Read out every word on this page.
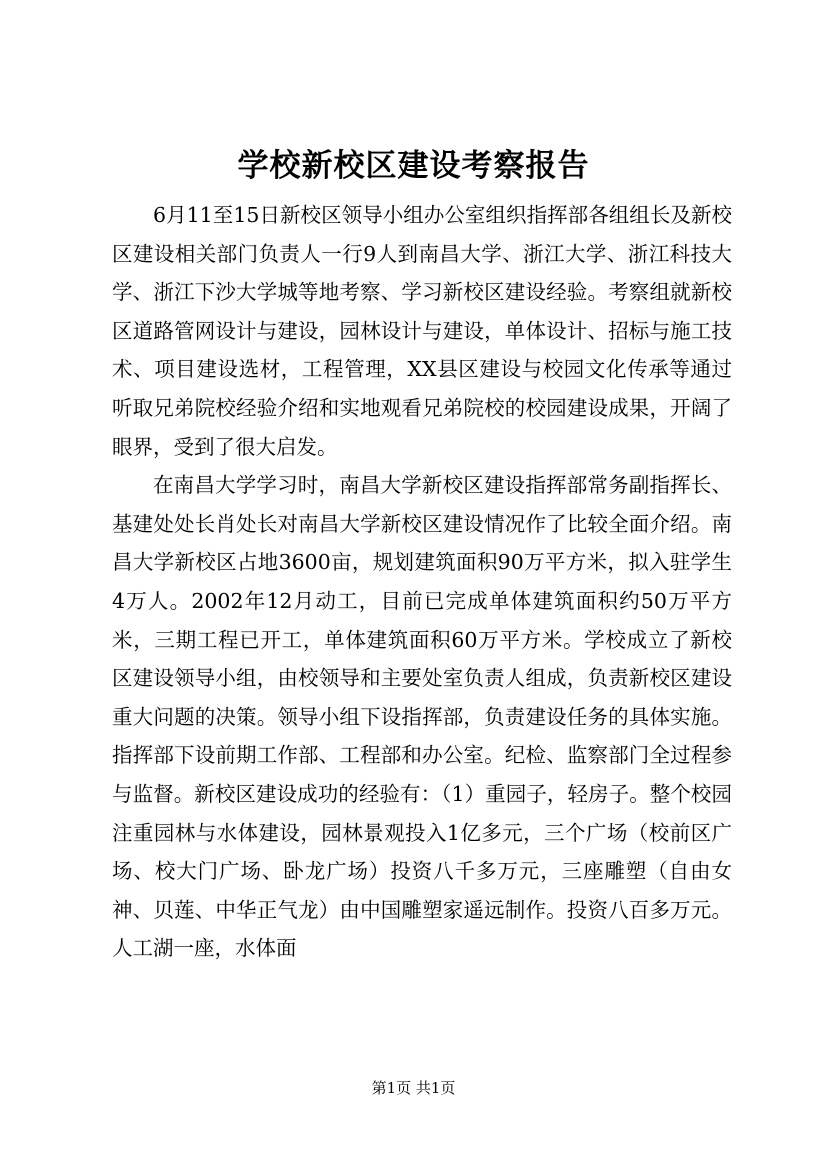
学校新校区建设考察报告

6月11至15日新校区领导小组办公室组织指挥部各组组长及新校区建设相关部门负责人一行9人到南昌大学、浙江大学、浙江科技大学、浙江下沙大学城等地考察、学习新校区建设经验。考察组就新校区道路管网设计与建设，园林设计与建设，单体设计、招标与施工技术、项目建设选材，工程管理，XX县区建设与校园文化传承等通过听取兄弟院校经验介绍和实地观看兄弟院校的校园建设成果，开阔了眼界，受到了很大启发。

在南昌大学学习时，南昌大学新校区建设指挥部常务副指挥长、基建处处长肖处长对南昌大学新校区建设情况作了比较全面介绍。南昌大学新校区占地3600亩，规划建筑面积90万平方米，拟入驻学生4万人。2002年12月动工，目前已完成单体建筑面积约50万平方米，三期工程已开工，单体建筑面积60万平方米。学校成立了新校区建设领导小组，由校领导和主要处室负责人组成，负责新校区建设重大问题的决策。领导小组下设指挥部，负责建设任务的具体实施。指挥部下设前期工作部、工程部和办公室。纪检、监察部门全过程参与监督。新校区建设成功的经验有：（1）重园子，轻房子。整个校园注重园林与水体建设，园林景观投入1亿多元，三个广场（校前区广场、校大门广场、卧龙广场）投资八千多万元，三座雕塑（自由女神、贝莲、中华正气龙）由中国雕塑家遥远制作。投资八百多万元。人工湖一座，水体面

第1页 共1页
